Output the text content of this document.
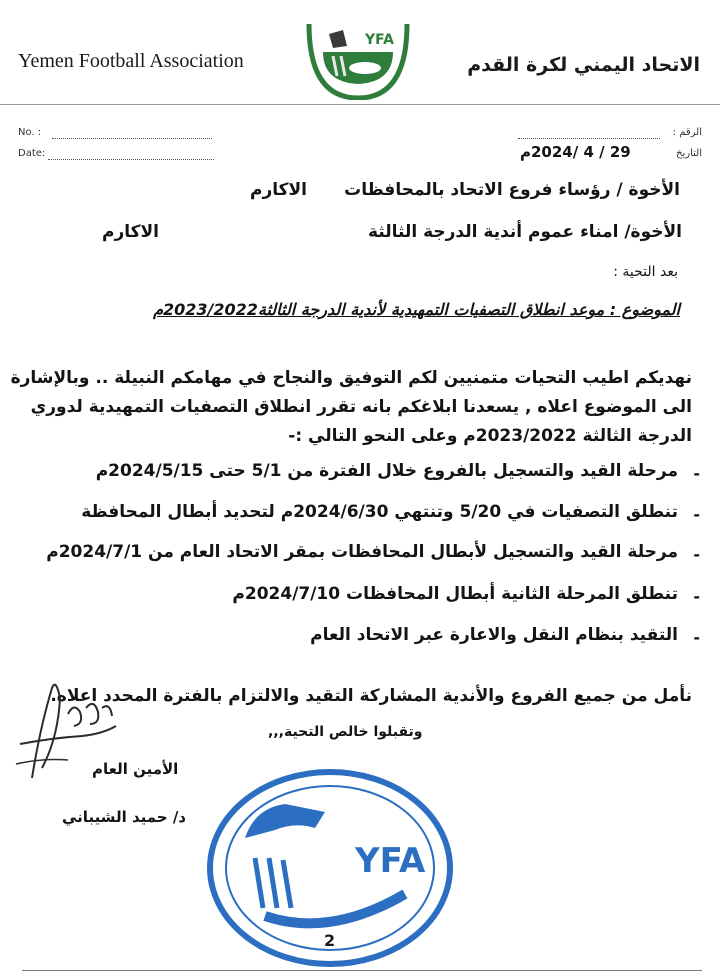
Yemen Football Association
YFA
الاتحاد اليمني لكرة القدم
No. :
Date:
الرقم :
التاريخ
29 / 4 /2024م
الأخوة / رؤساء فروع الاتحاد بالمحافظات
الاكارم
الأخوة/ امناء عموم أندية الدرجة الثالثة
الاكارم
بعد التحية :
الموضوع : موعد انطلاق التصفيات التمهيدية لأندية الدرجة الثالثة2023/2022م
نهديكم اطيب التحيات متمنيين لكم التوفيق والنجاح في مهامكم النبيلة .. وبالإشارة
الى الموضوع اعلاه , يسعدنا ابلاغكم بانه تقرر انطلاق التصفيات التمهيدية لدوري
الدرجة الثالثة 2023/2022م وعلى النحو التالي :-
-
مرحلة القيد والتسجيل بالفروع خلال الفترة من 5/1 حتى 2024/5/15م
-
تنطلق التصفيات في 5/20 وتنتهي 2024/6/30م لتحديد أبطال المحافظة
-
مرحلة القيد والتسجيل لأبطال المحافظات بمقر الاتحاد العام من 2024/7/1م
-
تنطلق المرحلة الثانية أبطال المحافظات 2024/7/10م
-
التقيد بنظام النقل والاعارة عبر الاتحاد العام
نأمل من جميع الفروع والأندية المشاركة التقيد والالتزام بالفترة المحدد اعلاه.
وتقبلوا خالص التحية,,,
الأمين العام
د/ حميد الشيباني
YFA
2
